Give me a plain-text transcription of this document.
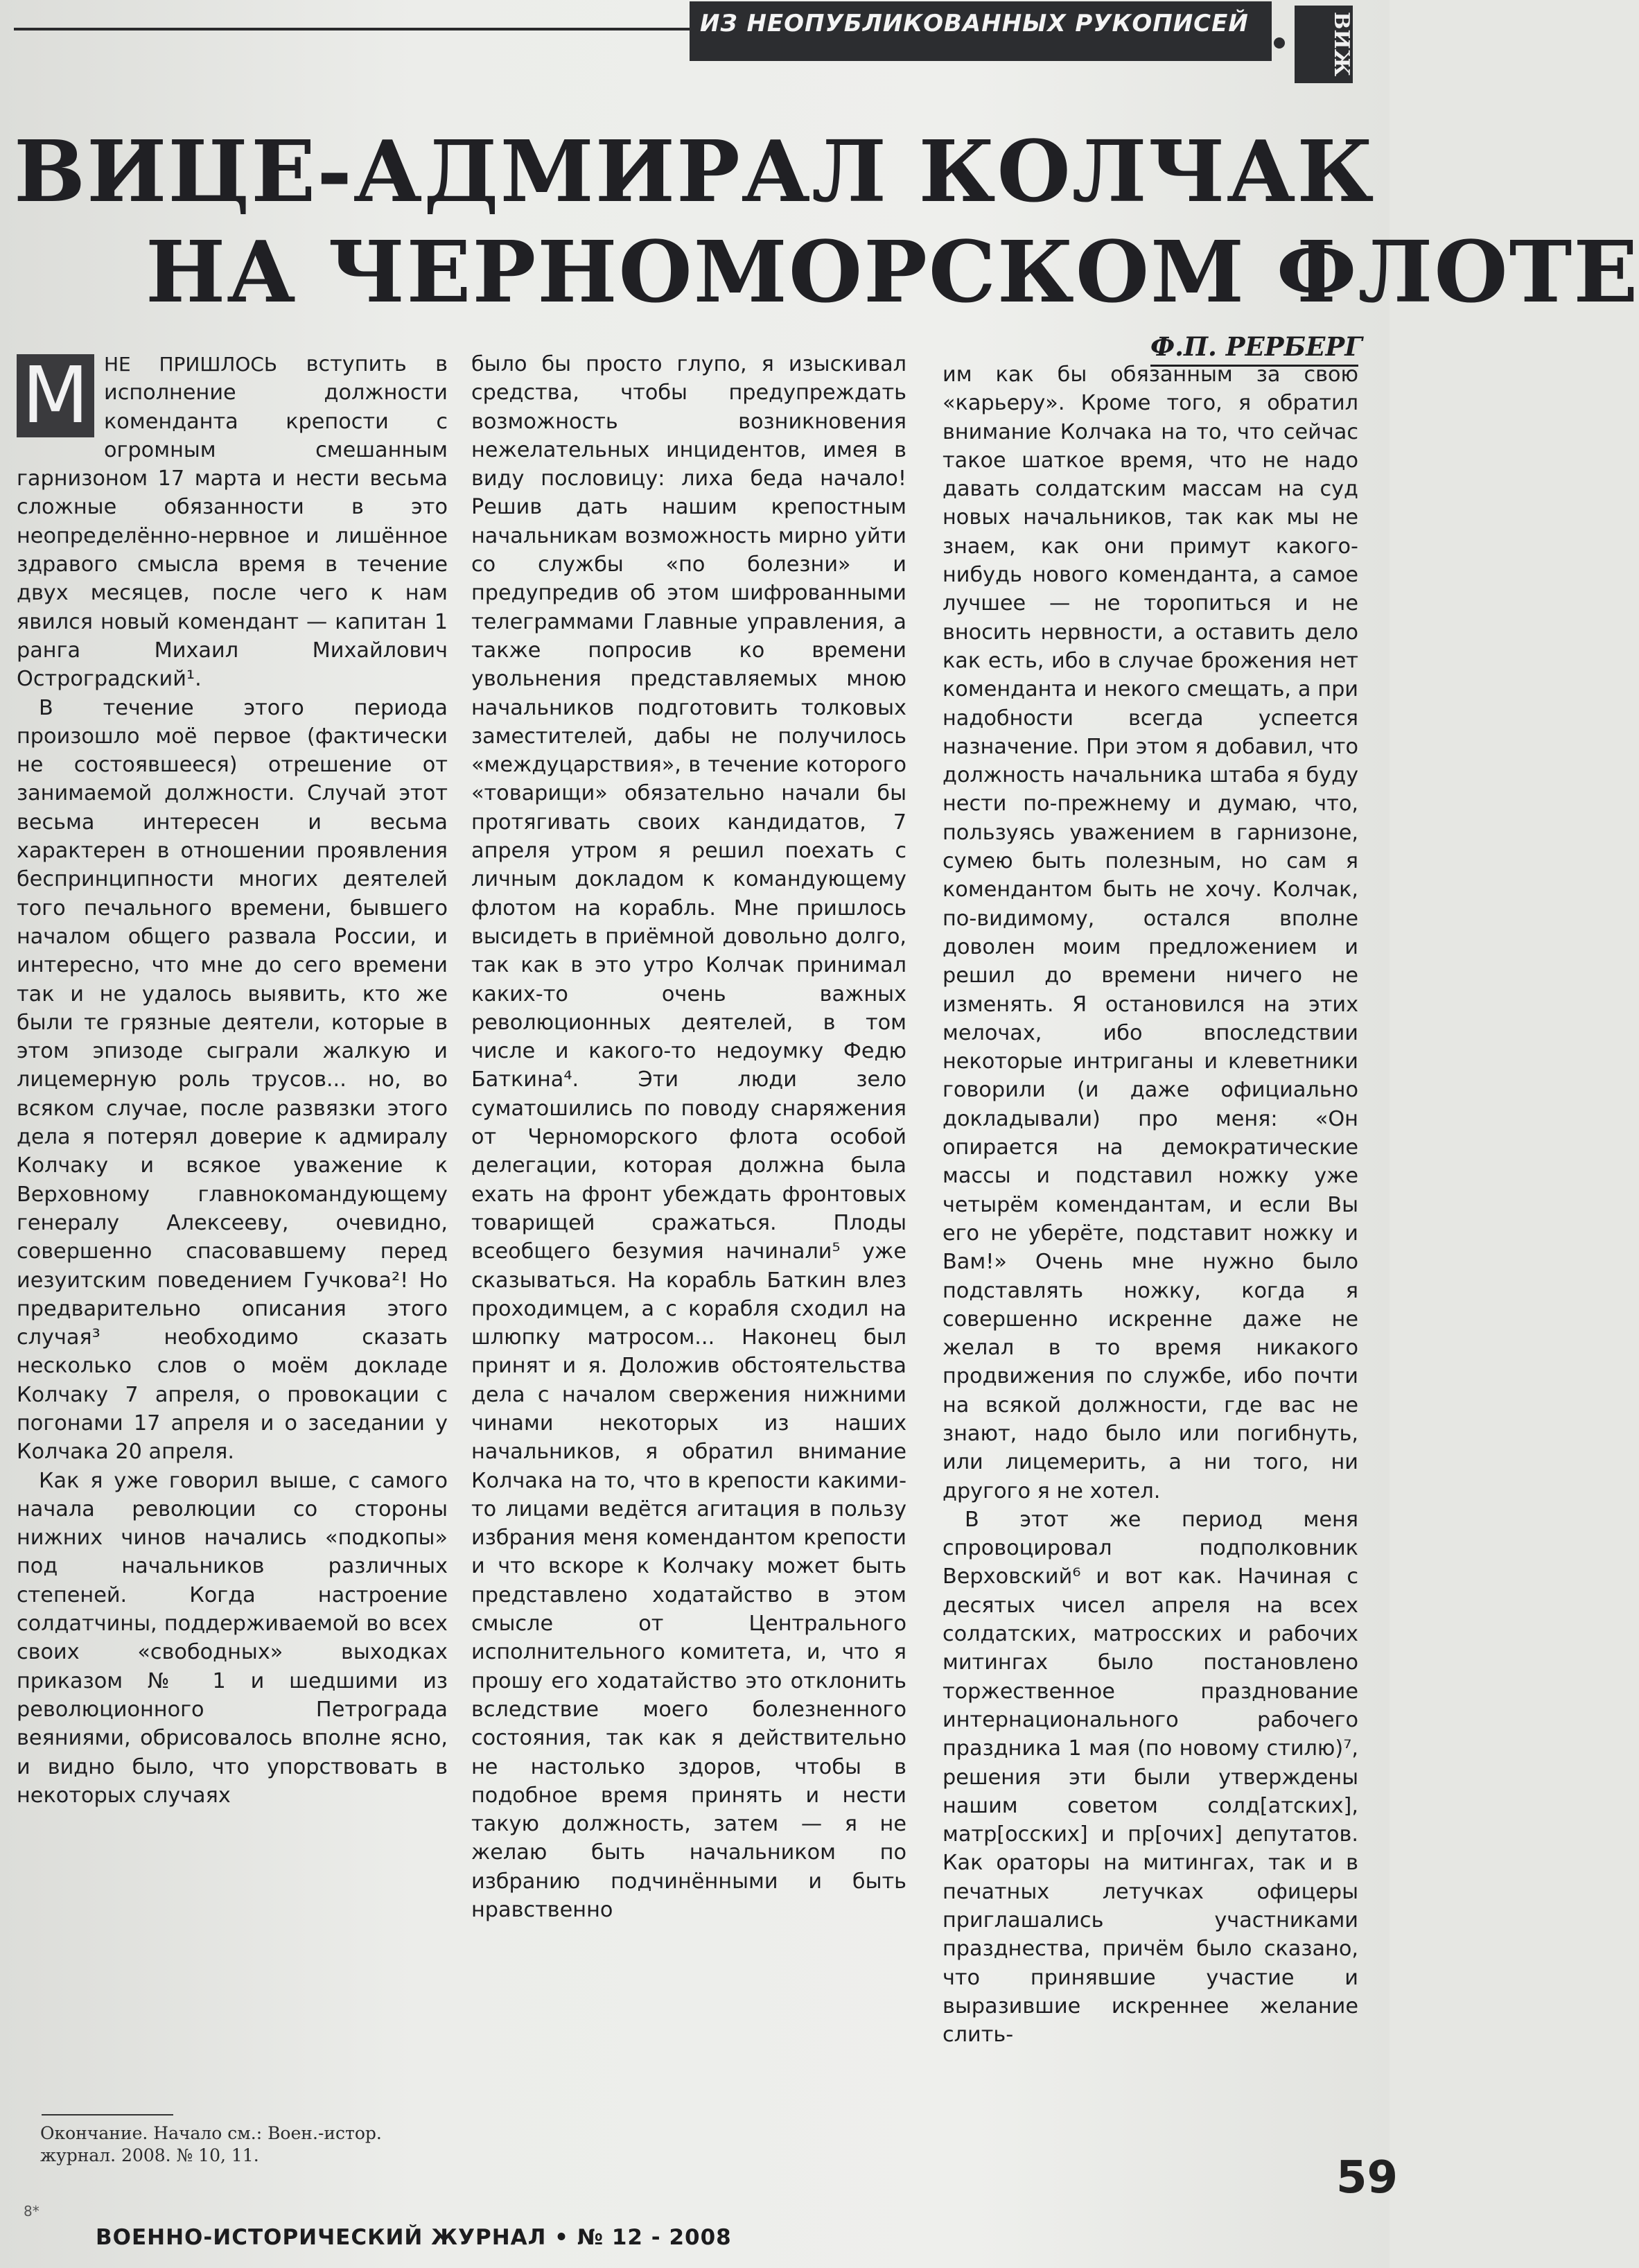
ИЗ НЕОПУБЛИКОВАННЫХ РУКОПИСЕЙ	ВИЖ
ВИЦЕ-АДМИРАЛ КОЛЧАК
НА ЧЕРНОМОРСКОМ ФЛОТЕ
Ф.П. РЕРБЕРГ

М НЕ ПРИШЛОСЬ вступить в исполнение должности коменданта крепости с огромным смешанным гарнизоном 17 марта и нести весьма сложные обязанности в это неопределённо-нервное и лишённое здравого смысла время в течение двух месяцев, после чего к нам явился новый комендант — капитан 1 ранга Михаил Михайлович Остроградский¹.

В течение этого периода произошло моё первое (фактически не состоявшееся) отрешение от занимаемой должности. Случай этот весьма интересен и весьма характерен в отношении проявления беспринципности многих деятелей того печального времени, бывшего началом общего развала России, и интересно, что мне до сего времени так и не удалось выявить, кто же были те грязные деятели, которые в этом эпизоде сыграли жалкую и лицемерную роль трусов... но, во всяком случае, после развязки этого дела я потерял доверие к адмиралу Колчаку и всякое уважение к Верховному главнокомандующему генералу Алексееву, очевидно, совершенно спасовавшему перед иезуитским поведением Гучкова²! Но предварительно описания этого случая³ необходимо сказать несколько слов о моём докладе Колчаку 7 апреля, о провокации с погонами 17 апреля и о заседании у Колчака 20 апреля.

Как я уже говорил выше, с самого начала революции со стороны нижних чинов начались «подкопы» под начальников различных степеней. Когда настроение солдатчины, поддерживаемой во всех своих «свободных» выходках приказом № 1 и шедшими из революционного Петрограда веяниями, обрисовалось вполне ясно, и видно было, что упорствовать в некоторых случаях

было бы просто глупо, я изыскивал средства, чтобы предупреждать возможность возникновения нежелательных инцидентов, имея в виду пословицу: лиха беда начало! Решив дать нашим крепостным начальникам возможность мирно уйти со службы «по болезни» и предупредив об этом шифрованными телеграммами Главные управления, а также попросив ко времени увольнения представляемых мною начальников подготовить толковых заместителей, дабы не получилось «междуцарствия», в течение которого «товарищи» обязательно начали бы протягивать своих кандидатов, 7 апреля утром я решил поехать с личным докладом к командующему флотом на корабль. Мне пришлось высидеть в приёмной довольно долго, так как в это утро Колчак принимал каких-то очень важных революционных деятелей, в том числе и какого-то недоумку Федю Баткина⁴. Эти люди зело суматошились по поводу снаряжения от Черноморского флота особой делегации, которая должна была ехать на фронт убеждать фронтовых товарищей сражаться. Плоды всеобщего безумия начинали⁵ уже сказываться. На корабль Баткин влез проходимцем, а с корабля сходил на шлюпку матросом... Наконец был принят и я. Доложив обстоятельства дела с началом свержения нижними чинами некоторых из наших начальников, я обратил внимание Колчака на то, что в крепости какими-то лицами ведётся агитация в пользу избрания меня комендантом крепости и что вскоре к Колчаку может быть представлено ходатайство в этом смысле от Центрального исполнительного комитета, и, что я прошу его ходатайство это отклонить вследствие моего болезненного состояния, так как я действительно не настолько здоров, чтобы в подобное время принять и нести такую должность, затем — я не желаю быть начальником по избранию подчинёнными и быть нравственно

им как бы обязанным за свою «карьеру». Кроме того, я обратил внимание Колчака на то, что сейчас такое шаткое время, что не надо давать солдатским массам на суд новых начальников, так как мы не знаем, как они примут какого-нибудь нового коменданта, а самое лучшее — не торопиться и не вносить нервности, а оставить дело как есть, ибо в случае брожения нет коменданта и некого смещать, а при надобности всегда успеется назначение. При этом я добавил, что должность начальника штаба я буду нести по-прежнему и думаю, что, пользуясь уважением в гарнизоне, сумею быть полезным, но сам я комендантом быть не хочу. Колчак, по-видимому, остался вполне доволен моим предложением и решил до времени ничего не изменять. Я остановился на этих мелочах, ибо впоследствии некоторые интриганы и клеветники говорили (и даже официально докладывали) про меня: «Он опирается на демократические массы и подставил ножку уже четырём комендантам, и если Вы его не уберёте, подставит ножку и Вам!» Очень мне нужно было подставлять ножку, когда я совершенно искренне даже не желал в то время никакого продвижения по службе, ибо почти на всякой должности, где вас не знают, надо было или погибнуть, или лицемерить, а ни того, ни другого я не хотел.

В этот же период меня спровоцировал подполковник Верховский⁶ и вот как. Начиная с десятых чисел апреля на всех солдатских, матросских и рабочих митингах было постановлено торжественное празднование интернационального рабочего праздника 1 мая (по новому стилю)⁷, решения эти были утверждены нашим советом солд[атских], матр[осских] и пр[очих] депутатов. Как ораторы на митингах, так и в печатных летучках офицеры приглашались участниками празднества, причём было сказано, что принявшие участие и выразившие искреннее желание слить-

Окончание. Начало см.: Воен.-истор. журнал. 2008. № 10, 11.
8*
ВОЕННО-ИСТОРИЧЕСКИЙ ЖУРНАЛ • № 12 - 2008
59
